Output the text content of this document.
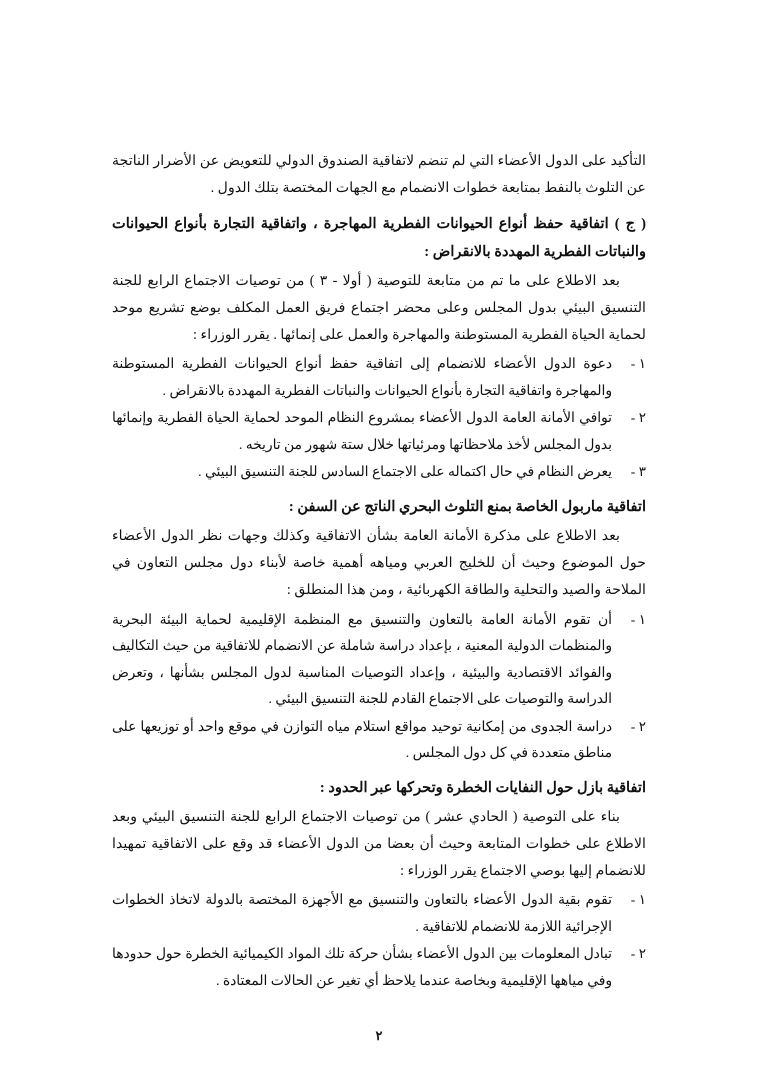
التأكيد على الدول الأعضاء التي لم تنضم لاتفاقية الصندوق الدولي للتعويض عن الأضرار الناتجة عن التلوث بالنفط بمتابعة خطوات الانضمام مع الجهات المختصة بتلك الدول .

( ج ) اتفاقية حفظ أنواع الحيوانات الفطرية المهاجرة ، واتفاقية التجارة بأنواع الحيوانات والنباتات الفطرية المهددة بالانقراض :

بعد الاطلاع على ما تم من متابعة للتوصية ( أولا - ٣ ) من توصيات الاجتماع الرابع للجنة التنسيق البيئي بدول المجلس وعلى محضر اجتماع فريق العمل المكلف بوضع تشريع موحد لحماية الحياة الفطرية المستوطنة والمهاجرة والعمل على إنمائها . يقرر الوزراء :

١ -
دعوة الدول الأعضاء للانضمام إلى اتفاقية حفظ أنواع الحيوانات الفطرية المستوطنة والمهاجرة واتفاقية التجارة بأنواع الحيوانات والنباتات الفطرية المهددة بالانقراض .
٢ -
توافي الأمانة العامة الدول الأعضاء بمشروع النظام الموحد لحماية الحياة الفطرية وإنمائها بدول المجلس لأخذ ملاحظاتها ومرئياتها خلال ستة شهور من تاريخه .
٣ -
يعرض النظام في حال اكتماله على الاجتماع السادس للجنة التنسيق البيئي .

اتفاقية ماربول الخاصة بمنع التلوث البحري الناتج عن السفن :

بعد الاطلاع على مذكرة الأمانة العامة بشأن الاتفاقية وكذلك وجهات نظر الدول الأعضاء حول الموضوع وحيث أن للخليج العربي ومياهه أهمية خاصة لأبناء دول مجلس التعاون في الملاحة والصيد والتحلية والطاقة الكهربائية ، ومن هذا المنطلق :

١ -
أن تقوم الأمانة العامة بالتعاون والتنسيق مع المنظمة الإقليمية لحماية البيئة البحرية والمنظمات الدولية المعنية ، بإعداد دراسة شاملة عن الانضمام للاتفاقية من حيث التكاليف والفوائد الاقتصادية والبيئية ، وإعداد التوصيات المناسبة لدول المجلس بشأنها ، وتعرض الدراسة والتوصيات على الاجتماع القادم للجنة التنسيق البيئي .
٢ -
دراسة الجدوى من إمكانية توحيد مواقع استلام مياه التوازن في موقع واحد أو توزيعها على مناطق متعددة في كل دول المجلس .

اتفاقية بازل حول النفايات الخطرة وتحركها عبر الحدود :

بناء على التوصية ( الحادي عشر ) من توصيات الاجتماع الرابع للجنة التنسيق البيئي وبعد الاطلاع على خطوات المتابعة وحيث أن بعضا من الدول الأعضاء قد وقع على الاتفاقية تمهيدا للانضمام إليها بوصي الاجتماع يقرر الوزراء :

١ -
تقوم بقية الدول الأعضاء بالتعاون والتنسيق مع الأجهزة المختصة بالدولة لاتخاذ الخطوات الإجرائية اللازمة للانضمام للاتفاقية .
٢ -
تبادل المعلومات بين الدول الأعضاء بشأن حركة تلك المواد الكيميائية الخطرة حول حدودها وفي مياهها الإقليمية وبخاصة عندما يلاحظ أي تغير عن الحالات المعتادة .
٢
